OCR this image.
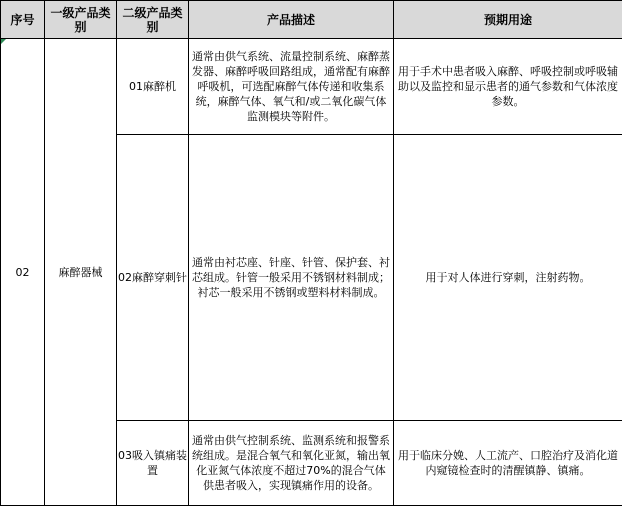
序号	一级产品类别	二级产品类别	产品描述	预期用途

02	麻醉器械	01麻醉机	通常由供气系统、流量控制系统、麻醉蒸发器、麻醉呼吸回路组成，通常配有麻醉呼吸机，可选配麻醉气体传递和收集系统，麻醉气体、氧气和/或二氧化碳气体监测模块等附件。	用于手术中患者吸入麻醉、呼吸控制或呼吸辅助以及监控和显示患者的通气参数和气体浓度参数。
		02麻醉穿刺针	通常由衬芯座、针座、针管、保护套、衬芯组成。针管一般采用不锈钢材料制成；衬芯一般采用不锈钢或塑料材料制成。	用于对人体进行穿刺，注射药物。
		03吸入镇痛装置	通常由供气控制系统、监测系统和报警系统组成。是混合氧气和氧化亚氮，输出氧化亚氮气体浓度不超过70%的混合气体供患者吸入，实现镇痛作用的设备。	用于临床分娩、人工流产、口腔治疗及消化道内窥镜检查时的清醒镇静、镇痛。
